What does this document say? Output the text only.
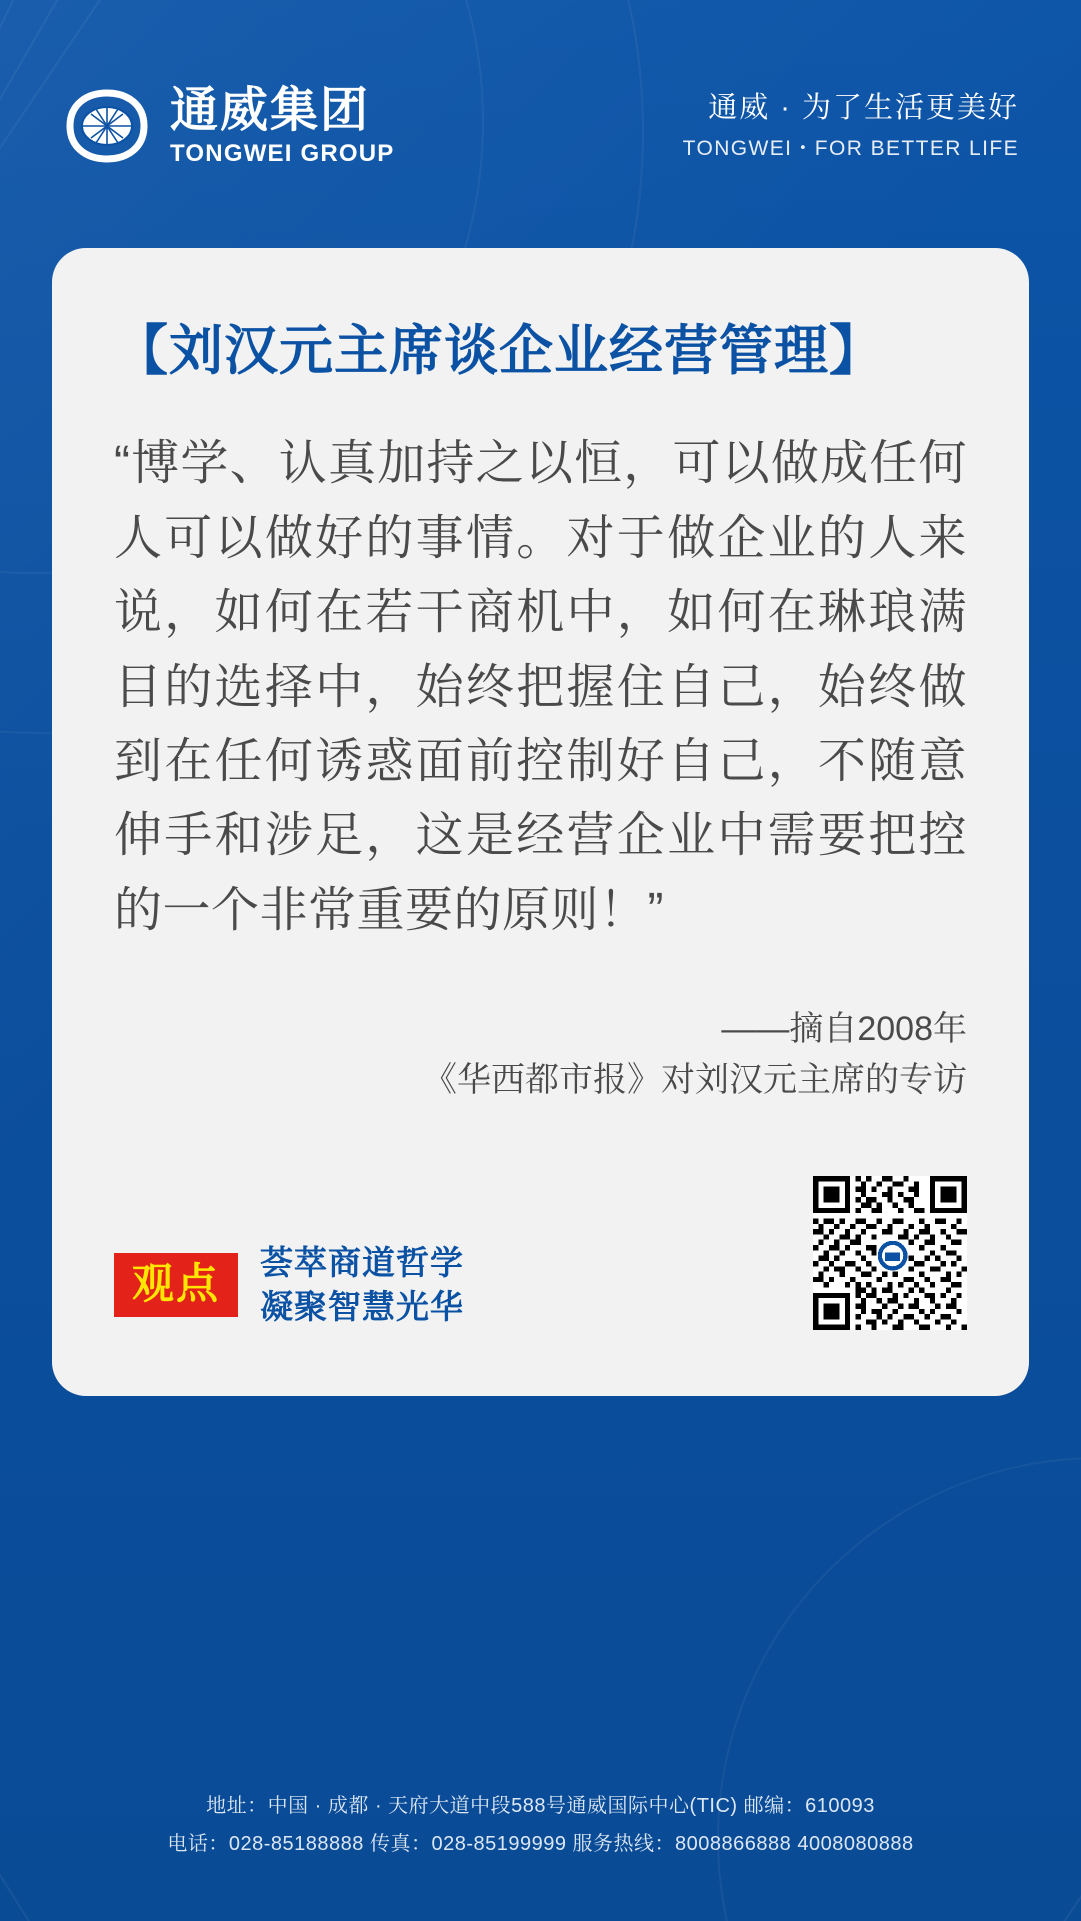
通威集团
TONGWEI GROUP
通威 · 为了生活更美好
TONGWEI・FOR BETTER LIFE
【刘汉元主席谈企业经营管理】
“博学、认真加持之以恒，可以做成任何人可以做好的事情。对于做企业的人来说，如何在若干商机中，如何在琳琅满目的选择中，始终把握住自己，始终做到在任何诱惑面前控制好自己，不随意伸手和涉足，这是经营企业中需要把控的一个非常重要的原则！”
——摘自2008年
《华西都市报》对刘汉元主席的专访
观点	荟萃商道哲学
凝聚智慧光华
地址：中国 · 成都 · 天府大道中段588号通威国际中心(TIC) 邮编：610093
电话：028-85188888 传真：028-85199999 服务热线：8008866888 4008080888
